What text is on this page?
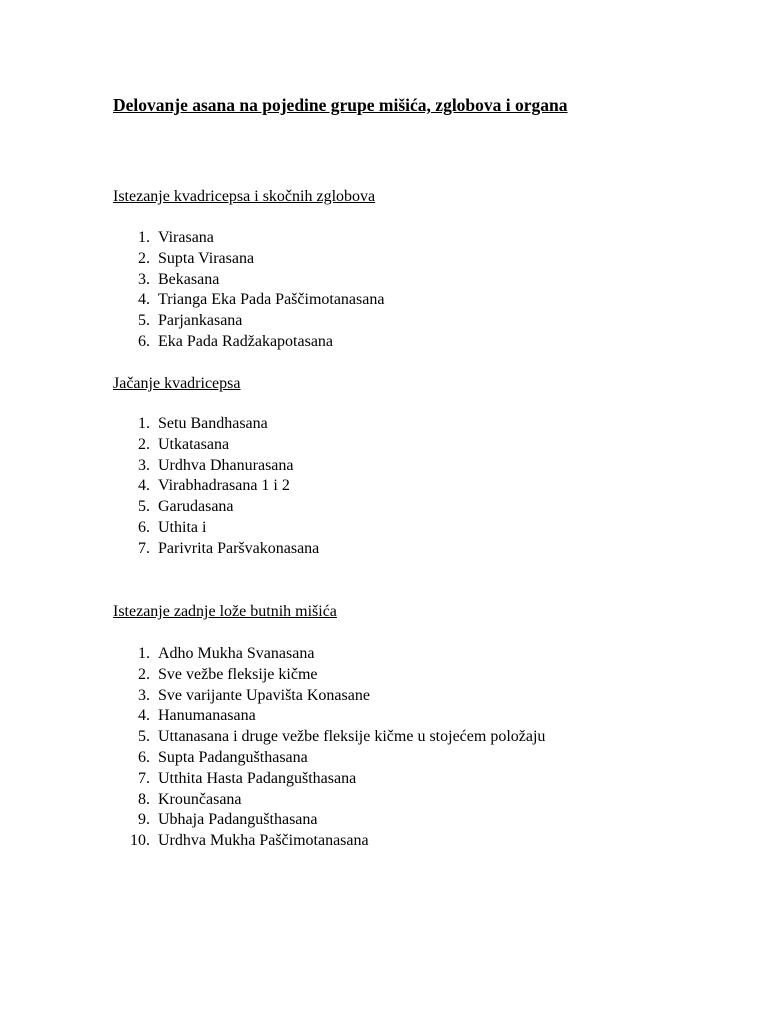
Delovanje asana na pojedine grupe mišića, zglobova i organa
Istezanje kvadricepsa i skočnih zglobova
1. Virasana
2. Supta Virasana
3. Bekasana
4. Trianga Eka Pada Paščimotanasana
5. Parjankasana
6. Eka Pada Radžakapotasana
Jačanje kvadricepsa
1. Setu Bandhasana
2. Utkatasana
3. Urdhva Dhanurasana
4. Virabhadrasana 1 i 2
5. Garudasana
6. Uthita i
7. Parivrita Paršvakonasana
Istezanje zadnje lože butnih mišića
1. Adho Mukha Svanasana
2. Sve vežbe fleksije kičme
3. Sve varijante Upavišta Konasane
4. Hanumanasana
5. Uttanasana i druge vežbe fleksije kičme u stojećem položaju
6. Supta Padangušthasana
7. Utthita Hasta Padangušthasana
8. Krounčasana
9. Ubhaja Padangušthasana
10. Urdhva Mukha Paščimotanasana
